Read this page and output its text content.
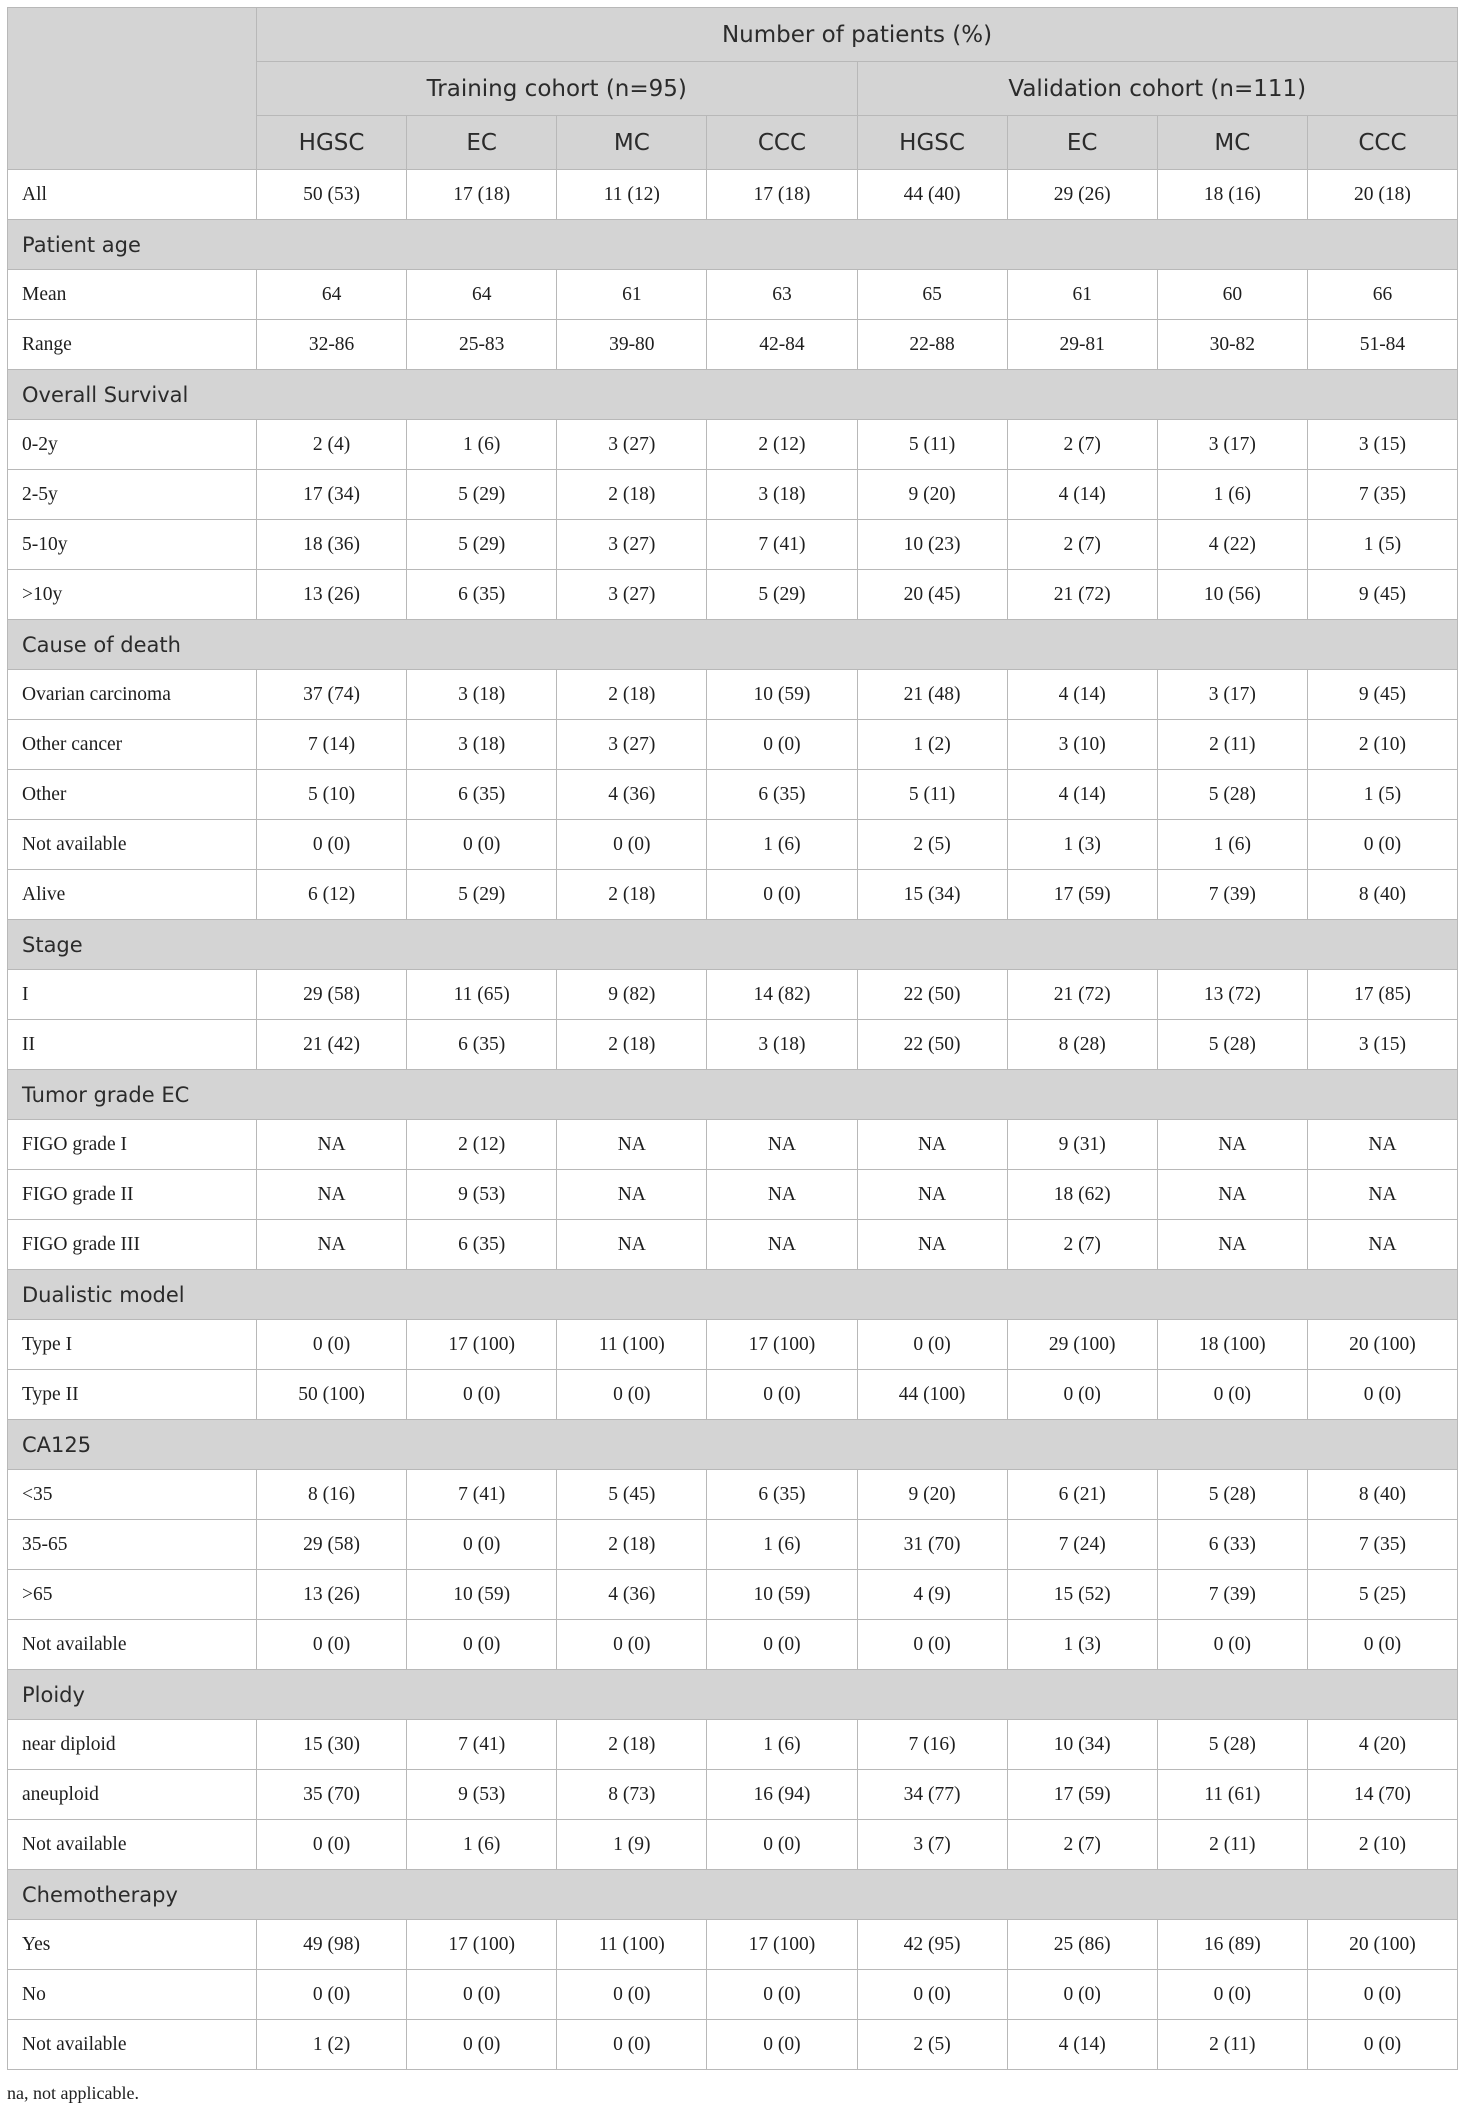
	Number of patients (%)							
	Training cohort (n=95)				Validation cohort (n=111)			
	HGSC	EC	MC	CCC	HGSC	EC	MC	CCC
All	50 (53)	17 (18)	11 (12)	17 (18)	44 (40)	29 (26)	18 (16)	20 (18)
Patient age								
Mean	64	64	61	63	65	61	60	66
Range	32-86	25-83	39-80	42-84	22-88	29-81	30-82	51-84
Overall Survival								
0-2y	2 (4)	1 (6)	3 (27)	2 (12)	5 (11)	2 (7)	3 (17)	3 (15)
2-5y	17 (34)	5 (29)	2 (18)	3 (18)	9 (20)	4 (14)	1 (6)	7 (35)
5-10y	18 (36)	5 (29)	3 (27)	7 (41)	10 (23)	2 (7)	4 (22)	1 (5)
>10y	13 (26)	6 (35)	3 (27)	5 (29)	20 (45)	21 (72)	10 (56)	9 (45)
Cause of death								
Ovarian carcinoma	37 (74)	3 (18)	2 (18)	10 (59)	21 (48)	4 (14)	3 (17)	9 (45)
Other cancer	7 (14)	3 (18)	3 (27)	0 (0)	1 (2)	3 (10)	2 (11)	2 (10)
Other	5 (10)	6 (35)	4 (36)	6 (35)	5 (11)	4 (14)	5 (28)	1 (5)
Not available	0 (0)	0 (0)	0 (0)	1 (6)	2 (5)	1 (3)	1 (6)	0 (0)
Alive	6 (12)	5 (29)	2 (18)	0 (0)	15 (34)	17 (59)	7 (39)	8 (40)
Stage								
I	29 (58)	11 (65)	9 (82)	14 (82)	22 (50)	21 (72)	13 (72)	17 (85)
II	21 (42)	6 (35)	2 (18)	3 (18)	22 (50)	8 (28)	5 (28)	3 (15)
Tumor grade EC								
FIGO grade I	NA	2 (12)	NA	NA	NA	9 (31)	NA	NA
FIGO grade II	NA	9 (53)	NA	NA	NA	18 (62)	NA	NA
FIGO grade III	NA	6 (35)	NA	NA	NA	2 (7)	NA	NA
Dualistic model								
Type I	0 (0)	17 (100)	11 (100)	17 (100)	0 (0)	29 (100)	18 (100)	20 (100)
Type II	50 (100)	0 (0)	0 (0)	0 (0)	44 (100)	0 (0)	0 (0)	0 (0)
CA125								
<35	8 (16)	7 (41)	5 (45)	6 (35)	9 (20)	6 (21)	5 (28)	8 (40)
35-65	29 (58)	0 (0)	2 (18)	1 (6)	31 (70)	7 (24)	6 (33)	7 (35)
>65	13 (26)	10 (59)	4 (36)	10 (59)	4 (9)	15 (52)	7 (39)	5 (25)
Not available	0 (0)	0 (0)	0 (0)	0 (0)	0 (0)	1 (3)	0 (0)	0 (0)
Ploidy								
near diploid	15 (30)	7 (41)	2 (18)	1 (6)	7 (16)	10 (34)	5 (28)	4 (20)
aneuploid	35 (70)	9 (53)	8 (73)	16 (94)	34 (77)	17 (59)	11 (61)	14 (70)
Not available	0 (0)	1 (6)	1 (9)	0 (0)	3 (7)	2 (7)	2 (11)	2 (10)
Chemotherapy								
Yes	49 (98)	17 (100)	11 (100)	17 (100)	42 (95)	25 (86)	16 (89)	20 (100)
No	0 (0)	0 (0)	0 (0)	0 (0)	0 (0)	0 (0)	0 (0)	0 (0)
Not available	1 (2)	0 (0)	0 (0)	0 (0)	2 (5)	4 (14)	2 (11)	0 (0)
na, not applicable.
